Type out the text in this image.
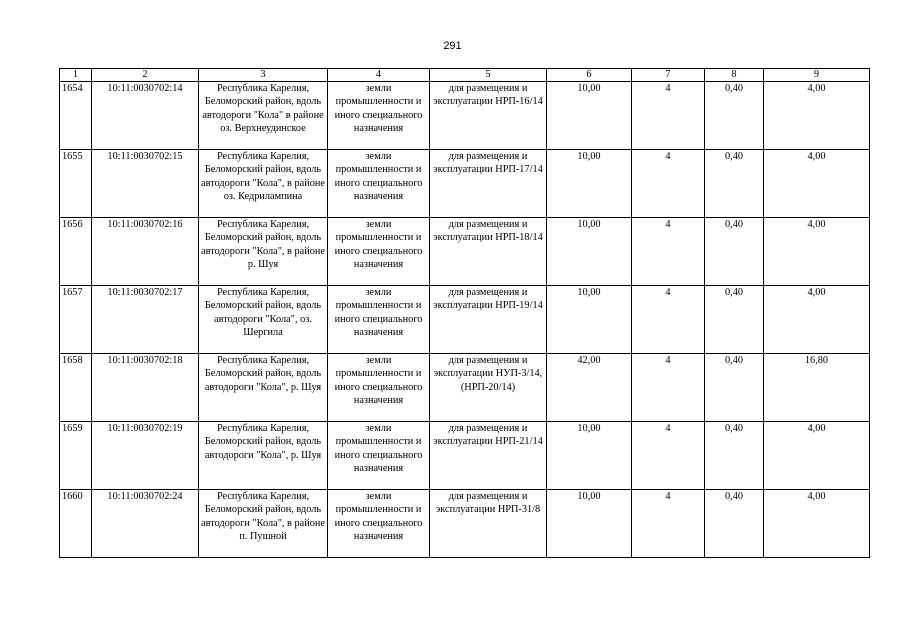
291
1	2	3	4	5	6	7	8	9
1654	10:11:0030702:14	Республика Карелия, Беломорский район, вдоль автодороги "Кола" в районе оз. Верхнеудинское	земли промышленности и иного специального назначения	для размещения и эксплуатации НРП-16/14	10,00	4	0,40	4,00
1655	10:11:0030702:15	Республика Карелия, Беломорский район, вдоль автодороги "Кола", в районе оз. Кедрилампина	земли промышленности и иного специального назначения	для размещения и эксплуатации НРП-17/14	10,00	4	0,40	4,00
1656	10:11:0030702:16	Республика Карелия, Беломорский район, вдоль автодороги "Кола", в районе р. Шуя	земли промышленности и иного специального назначения	для размещения и эксплуатации НРП-18/14	10,00	4	0,40	4,00
1657	10:11:0030702:17	Республика Карелия, Беломорский район, вдоль автодороги "Кола", оз. Шергила	земли промышленности и иного специального назначения	для размещения и эксплуатации НРП-19/14	10,00	4	0,40	4,00
1658	10:11:0030702:18	Республика Карелия, Беломорский район, вдоль автодороги "Кола", р. Шуя	земли промышленности и иного специального назначения	для размещения и эксплуатации НУП-3/14, (НРП-20/14)	42,00	4	0,40	16,80
1659	10:11:0030702:19	Республика Карелия, Беломорский район, вдоль автодороги "Кола", р. Шуя	земли промышленности и иного специального назначения	для размещения и эксплуатации НРП-21/14	10,00	4	0,40	4,00
1660	10:11:0030702:24	Республика Карелия, Беломорский район, вдоль автодороги "Кола", в районе п. Пушной	земли промышленности и иного специального назначения	для размещения и эксплуатации НРП-31/8	10,00	4	0,40	4,00
